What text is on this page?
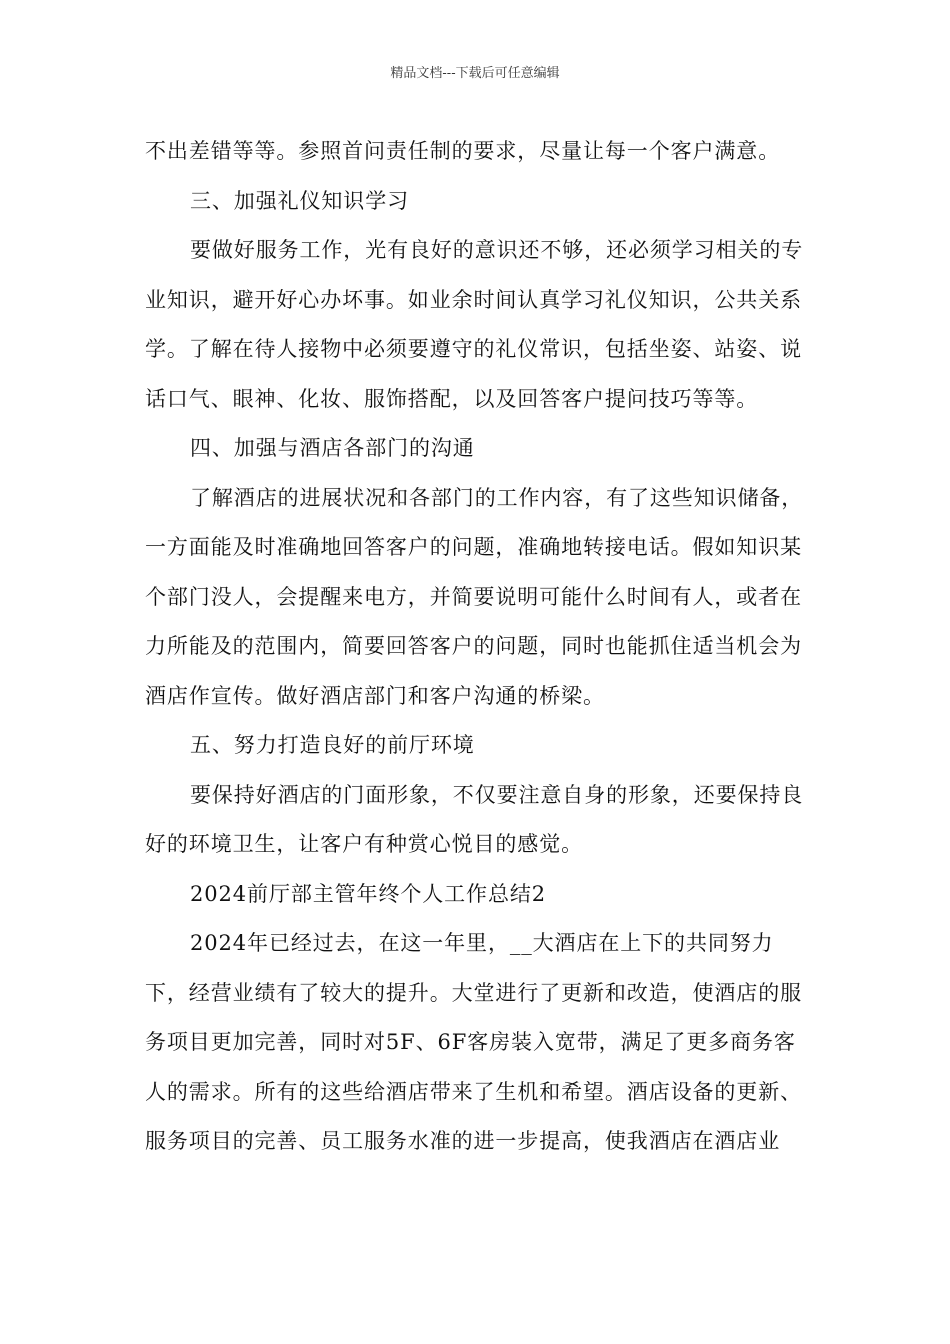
精品文档---下载后可任意编辑

不出差错等等。参照首问责任制的要求，尽量让每一个客户满意。

三、加强礼仪知识学习

要做好服务工作，光有良好的意识还不够，还必须学习相关的专业知识，避开好心办坏事。如业余时间认真学习礼仪知识，公共关系学。了解在待人接物中必须要遵守的礼仪常识，包括坐姿、站姿、说话口气、眼神、化妆、服饰搭配，以及回答客户提问技巧等等。

四、加强与酒店各部门的沟通

了解酒店的进展状况和各部门的工作内容，有了这些知识储备，一方面能及时准确地回答客户的问题，准确地转接电话。假如知识某个部门没人，会提醒来电方，并简要说明可能什么时间有人，或者在力所能及的范围内，简要回答客户的问题，同时也能抓住适当机会为酒店作宣传。做好酒店部门和客户沟通的桥梁。

五、努力打造良好的前厅环境

要保持好酒店的门面形象，不仅要注意自身的形象，还要保持良好的环境卫生，让客户有种赏心悦目的感觉。

2024前厅部主管年终个人工作总结2

2024年已经过去，在这一年里，__大酒店在上下的共同努力下，经营业绩有了较大的提升。大堂进行了更新和改造，使酒店的服务项目更加完善，同时对5F、6F客房装入宽带，满足了更多商务客人的需求。所有的这些给酒店带来了生机和希望。酒店设备的更新、服务项目的完善、员工服务水准的进一步提高，使我酒店在酒店业
